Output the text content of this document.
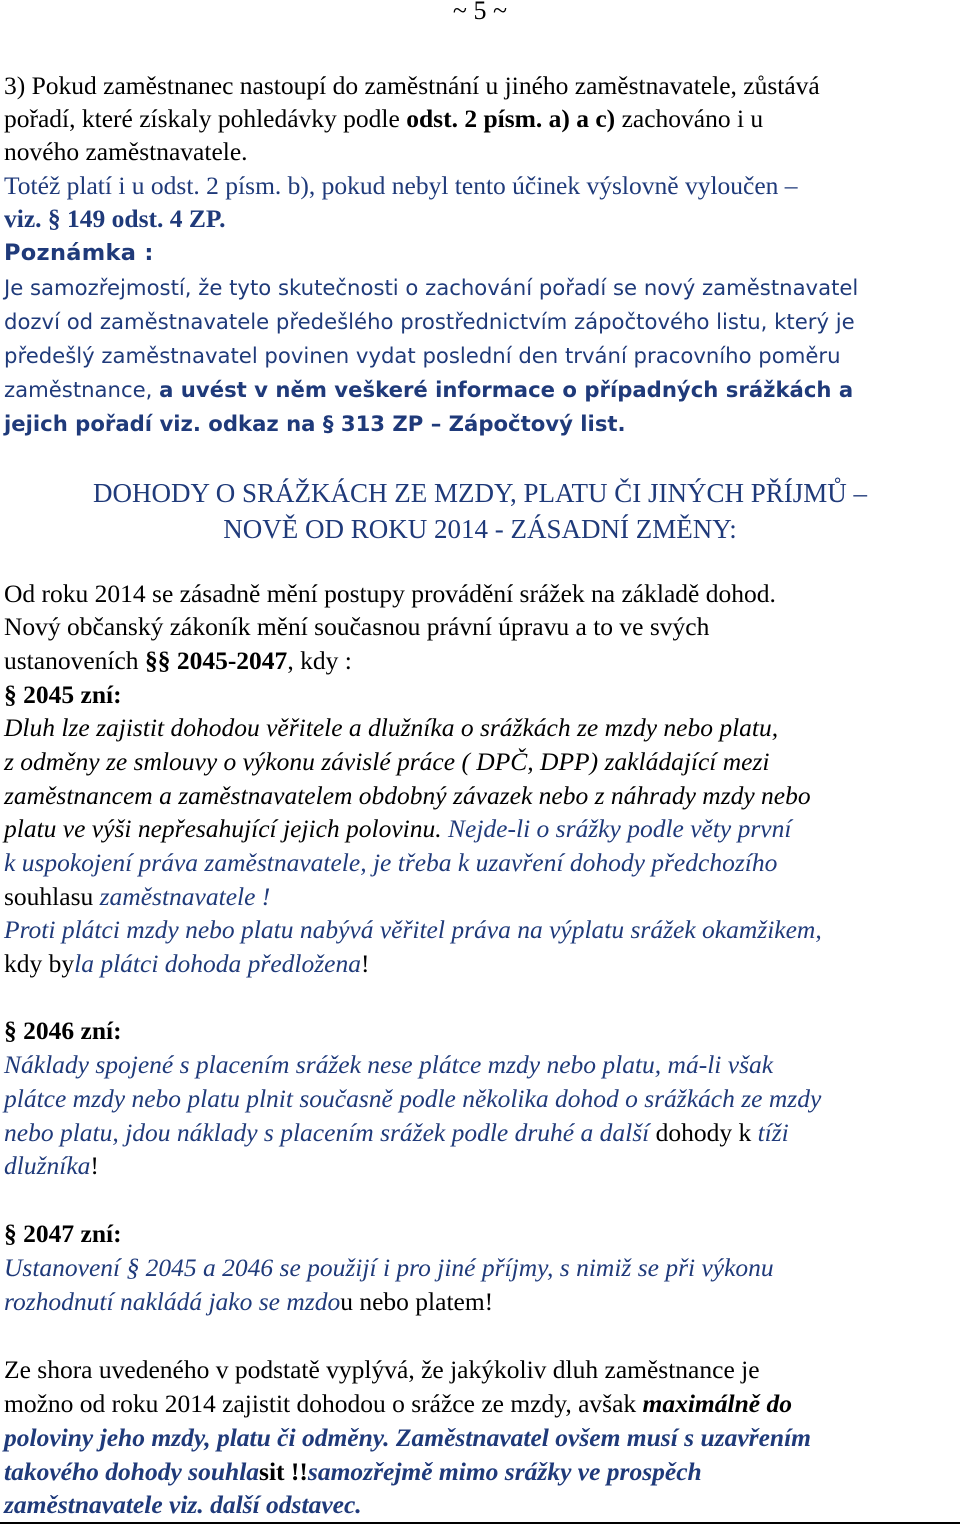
~ 5 ~
3) Pokud zaměstnanec nastoupí do zaměstnání u jiného zaměstnavatele, zůstává
pořadí, které získaly pohledávky podle odst. 2 písm. a) a c) zachováno i u
nového zaměstnavatele.
Totéž platí i u odst. 2 písm. b), pokud nebyl tento účinek výslovně vyloučen –
viz. § 149 odst. 4 ZP.
Poznámka :
Je samozřejmostí, že tyto skutečnosti o zachování pořadí se nový zaměstnavatel
dozví od zaměstnavatele předešlého prostřednictvím zápočtového listu, který je
předešlý zaměstnavatel povinen vydat poslední den trvání pracovního poměru
zaměstnance, a uvést v něm veškeré informace o případných srážkách a
jejich pořadí viz. odkaz na § 313 ZP – Zápočtový list.
DOHODY O SRÁŽKÁCH ZE MZDY, PLATU ČI JINÝCH PŘÍJMŮ –
NOVĚ OD ROKU 2014 - ZÁSADNÍ ZMĚNY:
Od roku 2014 se zásadně mění postupy provádění srážek na základě dohod.
Nový občanský zákoník mění současnou právní úpravu a to ve svých
ustanoveních §§ 2045-2047, kdy :
§ 2045 zní:
Dluh lze zajistit dohodou věřitele a dlužníka o srážkách ze mzdy nebo platu,
z odměny ze smlouvy o výkonu závislé práce ( DPČ, DPP) zakládající mezi
zaměstnancem a zaměstnavatelem obdobný závazek nebo z náhrady mzdy nebo
platu ve výši nepřesahující jejich polovinu. Nejde-li o srážky podle věty první
k uspokojení práva zaměstnavatele, je třeba k uzavření dohody předchozího
souhlasu zaměstnavatele !
Proti plátci mzdy nebo platu nabývá věřitel práva na výplatu srážek okamžikem,
kdy byla plátci dohoda předložena!
§ 2046 zní:
Náklady spojené s placením srážek nese plátce mzdy nebo platu, má-li však
plátce mzdy nebo platu plnit současně podle několika dohod o srážkách ze mzdy
nebo platu, jdou náklady s placením srážek podle druhé a další dohody k tíži
dlužníka!
§ 2047 zní:
Ustanovení § 2045 a 2046 se použijí i pro jiné příjmy, s nimiž se při výkonu
rozhodnutí nakládá jako se mzdou nebo platem!
Ze shora uvedeného v podstatě vyplývá, že jakýkoliv dluh zaměstnance je
možno od roku 2014 zajistit dohodou o srážce ze mzdy, avšak maximálně do
poloviny jeho mzdy, platu či odměny. Zaměstnavatel ovšem musí s uzavřením
takového dohody souhlasit !!samozřejmě mimo srážky ve prospěch
zaměstnavatele viz. další odstavec.
